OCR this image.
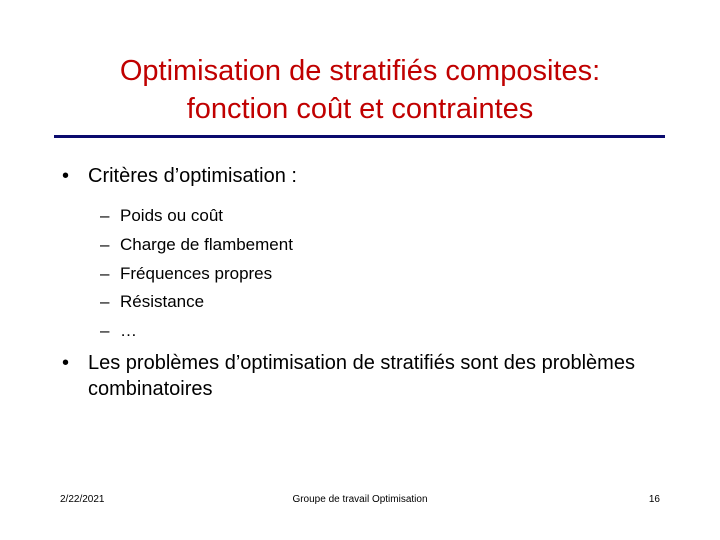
Optimisation de stratifiés composites:
fonction coût et contraintes
• Critères d’optimisation :
– Poids ou coût
– Charge de flambement
– Fréquences propres
– Résistance
– …
• Les problèmes d’optimisation de stratifiés sont des problèmes combinatoires
2/22/2021	Groupe de travail Optimisation	16
